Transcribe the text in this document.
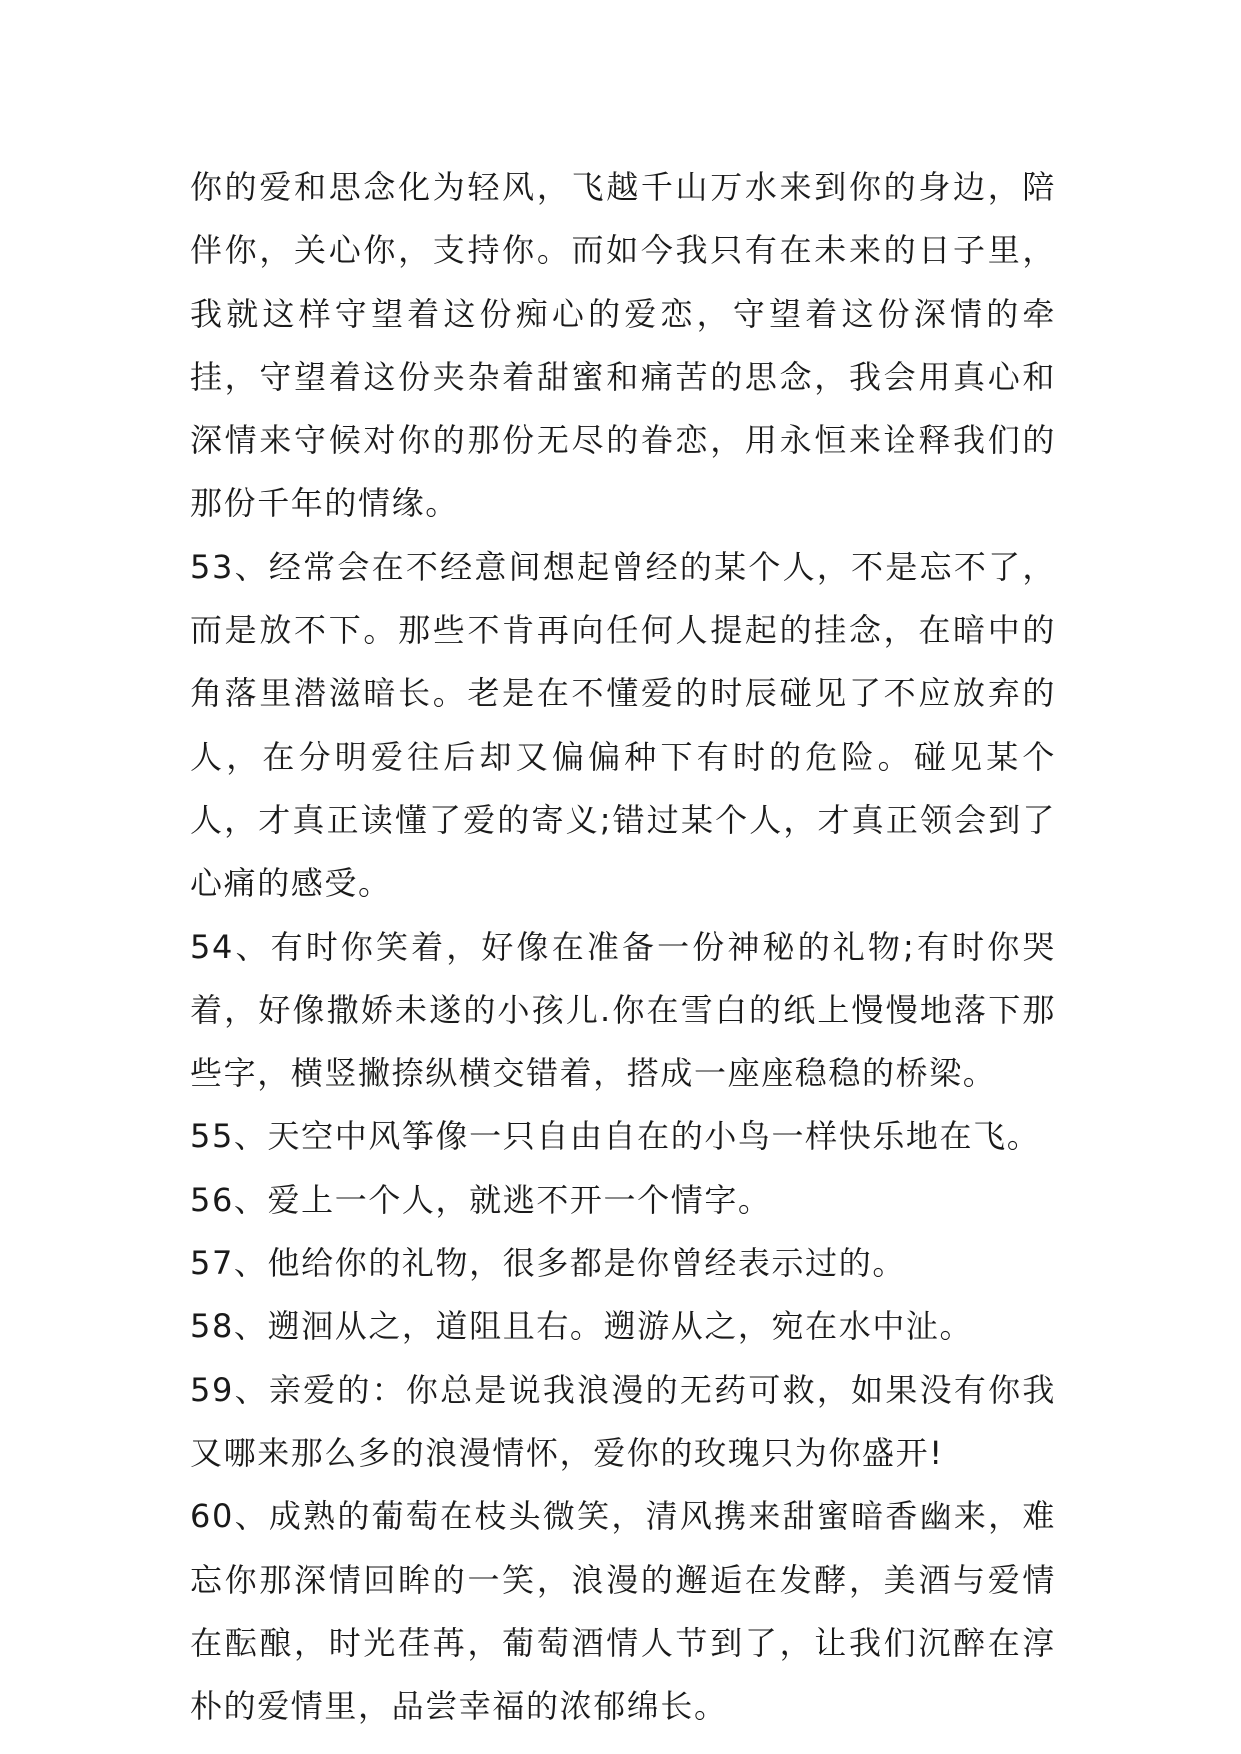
你的爱和思念化为轻风，飞越千山万水来到你的身边，陪伴你，关心你，支持你。而如今我只有在未来的日子里，我就这样守望着这份痴心的爱恋，守望着这份深情的牵挂，守望着这份夹杂着甜蜜和痛苦的思念，我会用真心和深情来守候对你的那份无尽的眷恋，用永恒来诠释我们的那份千年的情缘。

53、经常会在不经意间想起曾经的某个人，不是忘不了，而是放不下。那些不肯再向任何人提起的挂念，在暗中的角落里潜滋暗长。老是在不懂爱的时辰碰见了不应放弃的人，在分明爱往后却又偏偏种下有时的危险。碰见某个人，才真正读懂了爱的寄义;错过某个人，才真正领会到了心痛的感受。

54、有时你笑着，好像在准备一份神秘的礼物;有时你哭着，好像撒娇未遂的小孩儿.你在雪白的纸上慢慢地落下那些字，横竖撇捺纵横交错着，搭成一座座稳稳的桥梁。

55、天空中风筝像一只自由自在的小鸟一样快乐地在飞。

56、爱上一个人，就逃不开一个情字。

57、他给你的礼物，很多都是你曾经表示过的。

58、遡洄从之，道阻且右。遡游从之，宛在水中沚。

59、亲爱的：你总是说我浪漫的无药可救，如果没有你我又哪来那么多的浪漫情怀，爱你的玫瑰只为你盛开!

60、成熟的葡萄在枝头微笑，清风携来甜蜜暗香幽来，难忘你那深情回眸的一笑，浪漫的邂逅在发酵，美酒与爱情在酝酿，时光荏苒，葡萄酒情人节到了，让我们沉醉在淳朴的爱情里，品尝幸福的浓郁绵长。
